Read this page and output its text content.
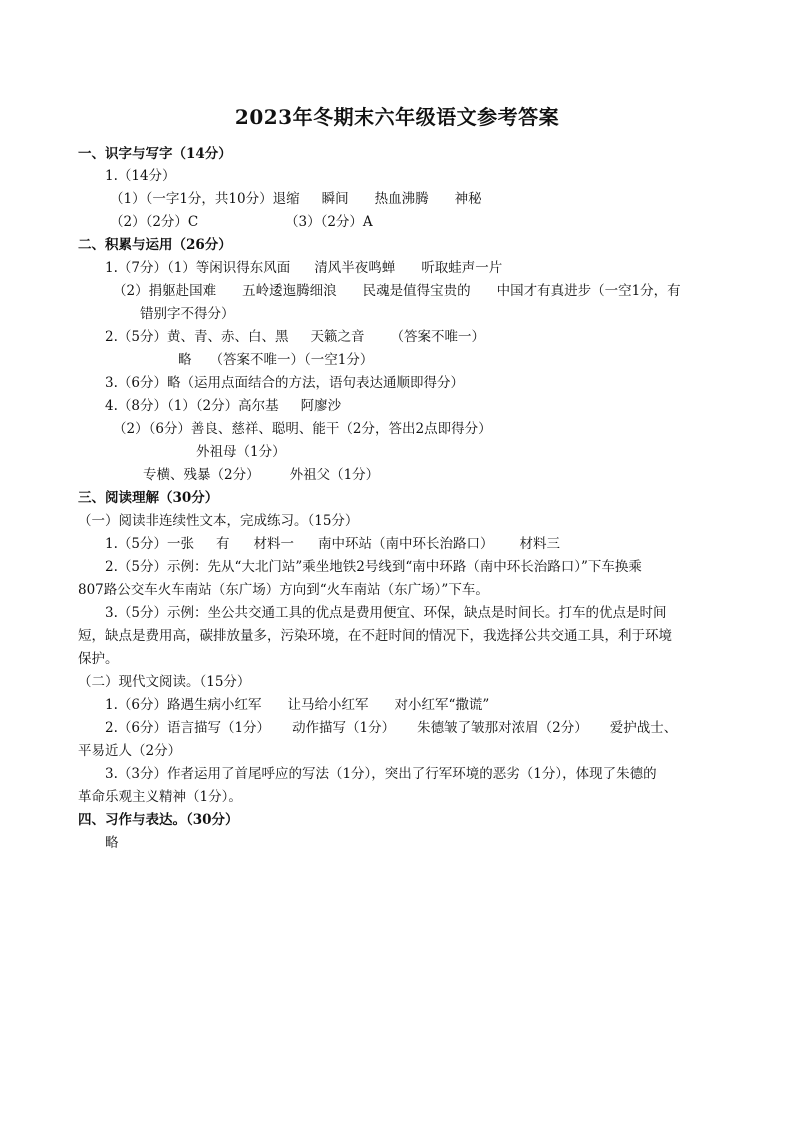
2023年冬期末六年级语文参考答案
一、识字与写字（14分）
1.（14分）
（1）（一字1分，共10分）退缩 瞬间 热血沸腾 神秘
（2）（2分）C	（3）（2分）A
二、积累与运用（26分）
1.（7分）（1）等闲识得东风面 清风半夜鸣蝉 听取蛙声一片
（2）捐躯赴国难 五岭逶迤腾细浪 民魂是值得宝贵的 中国才有真进步（一空1分，有
错别字不得分）
2.（5分）黄、青、赤、白、黑 天籁之音 （答案不唯一）
略 （答案不唯一）（一空1分）
3.（6分）略（运用点面结合的方法，语句表达通顺即得分）
4.（8分）（1）（2分）高尔基 阿廖沙
（2）（6分）善良、慈祥、聪明、能干（2分，答出2点即得分）
外祖母（1分）
专横、残暴（2分） 外祖父（1分）
三、阅读理解（30分）
（一）阅读非连续性文本，完成练习。（15分）
1.（5分）一张 有 材料一 南中环站（南中环长治路口） 材料三
2.（5分）示例：先从“大北门站”乘坐地铁2号线到“南中环路（南中环长治路口）”下车换乘
807路公交车火车南站（东广场）方向到“火车南站（东广场）”下车。
3.（5分）示例：坐公共交通工具的优点是费用便宜、环保，缺点是时间长。打车的优点是时间
短，缺点是费用高，碳排放量多，污染环境，在不赶时间的情况下，我选择公共交通工具，利于环境
保护。
（二）现代文阅读。（15分）
1.（6分）路遇生病小红军 让马给小红军 对小红军“撒谎”
2.（6分）语言描写（1分） 动作描写（1分） 朱德皱了皱那对浓眉（2分） 爱护战士、
平易近人（2分）
3.（3分）作者运用了首尾呼应的写法（1分），突出了行军环境的恶劣（1分），体现了朱德的
革命乐观主义精神（1分）。
四、习作与表达。（30分）
略
